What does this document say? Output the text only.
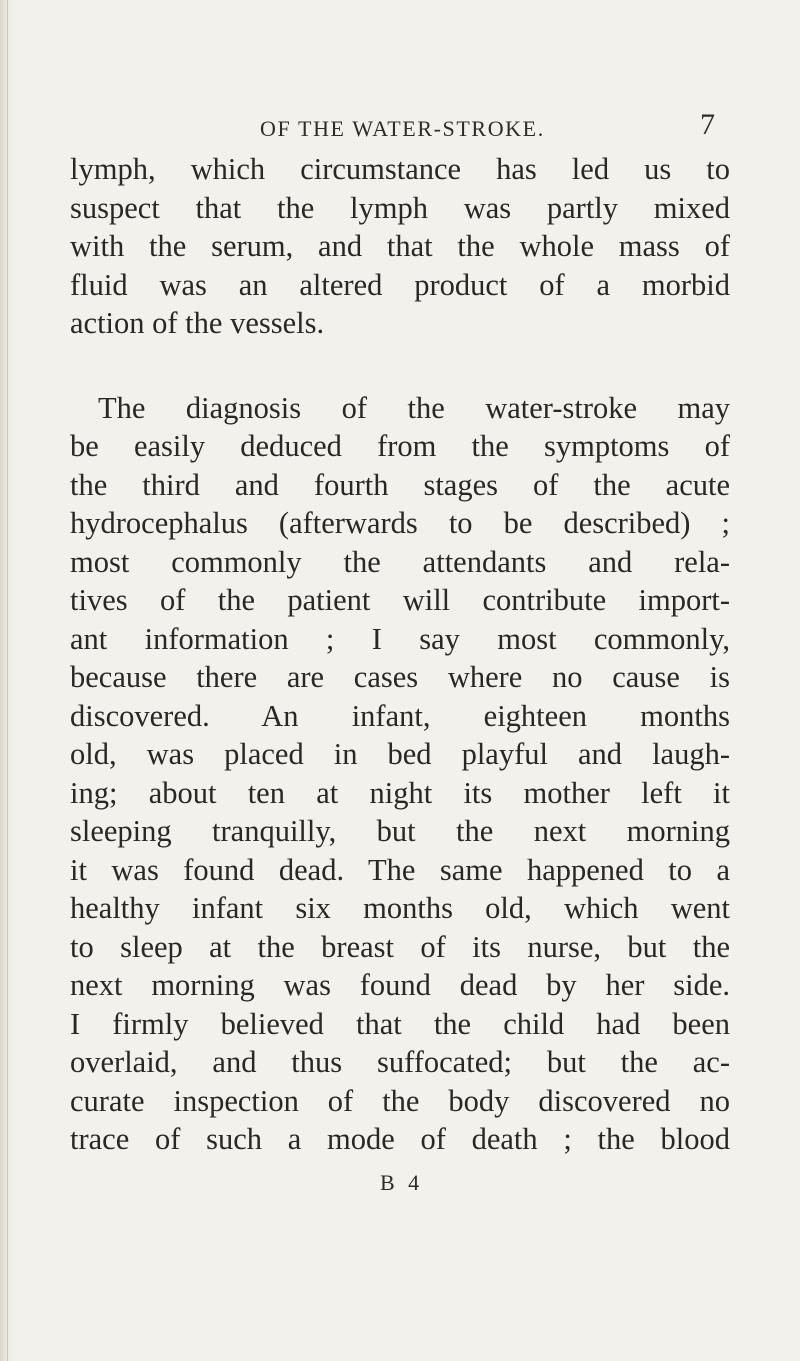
OF THE WATER-STROKE.	7
lymph, which circumstance has led us to
suspect that the lymph was partly mixed
with the serum, and that the whole mass of
fluid was an altered product of a morbid
action of the vessels.
The diagnosis of the water-stroke may
be easily deduced from the symptoms of
the third and fourth stages of the acute
hydrocephalus (afterwards to be described) ;
most commonly the attendants and rela-
tives of the patient will contribute import-
ant information ; I say most commonly,
because there are cases where no cause is
discovered. An infant, eighteen months
old, was placed in bed playful and laugh-
ing; about ten at night its mother left it
sleeping tranquilly, but the next morning
it was found dead. The same happened to a
healthy infant six months old, which went
to sleep at the breast of its nurse, but the
next morning was found dead by her side.
I firmly believed that the child had been
overlaid, and thus suffocated; but the ac-
curate inspection of the body discovered no
trace of such a mode of death ; the blood
B 4
